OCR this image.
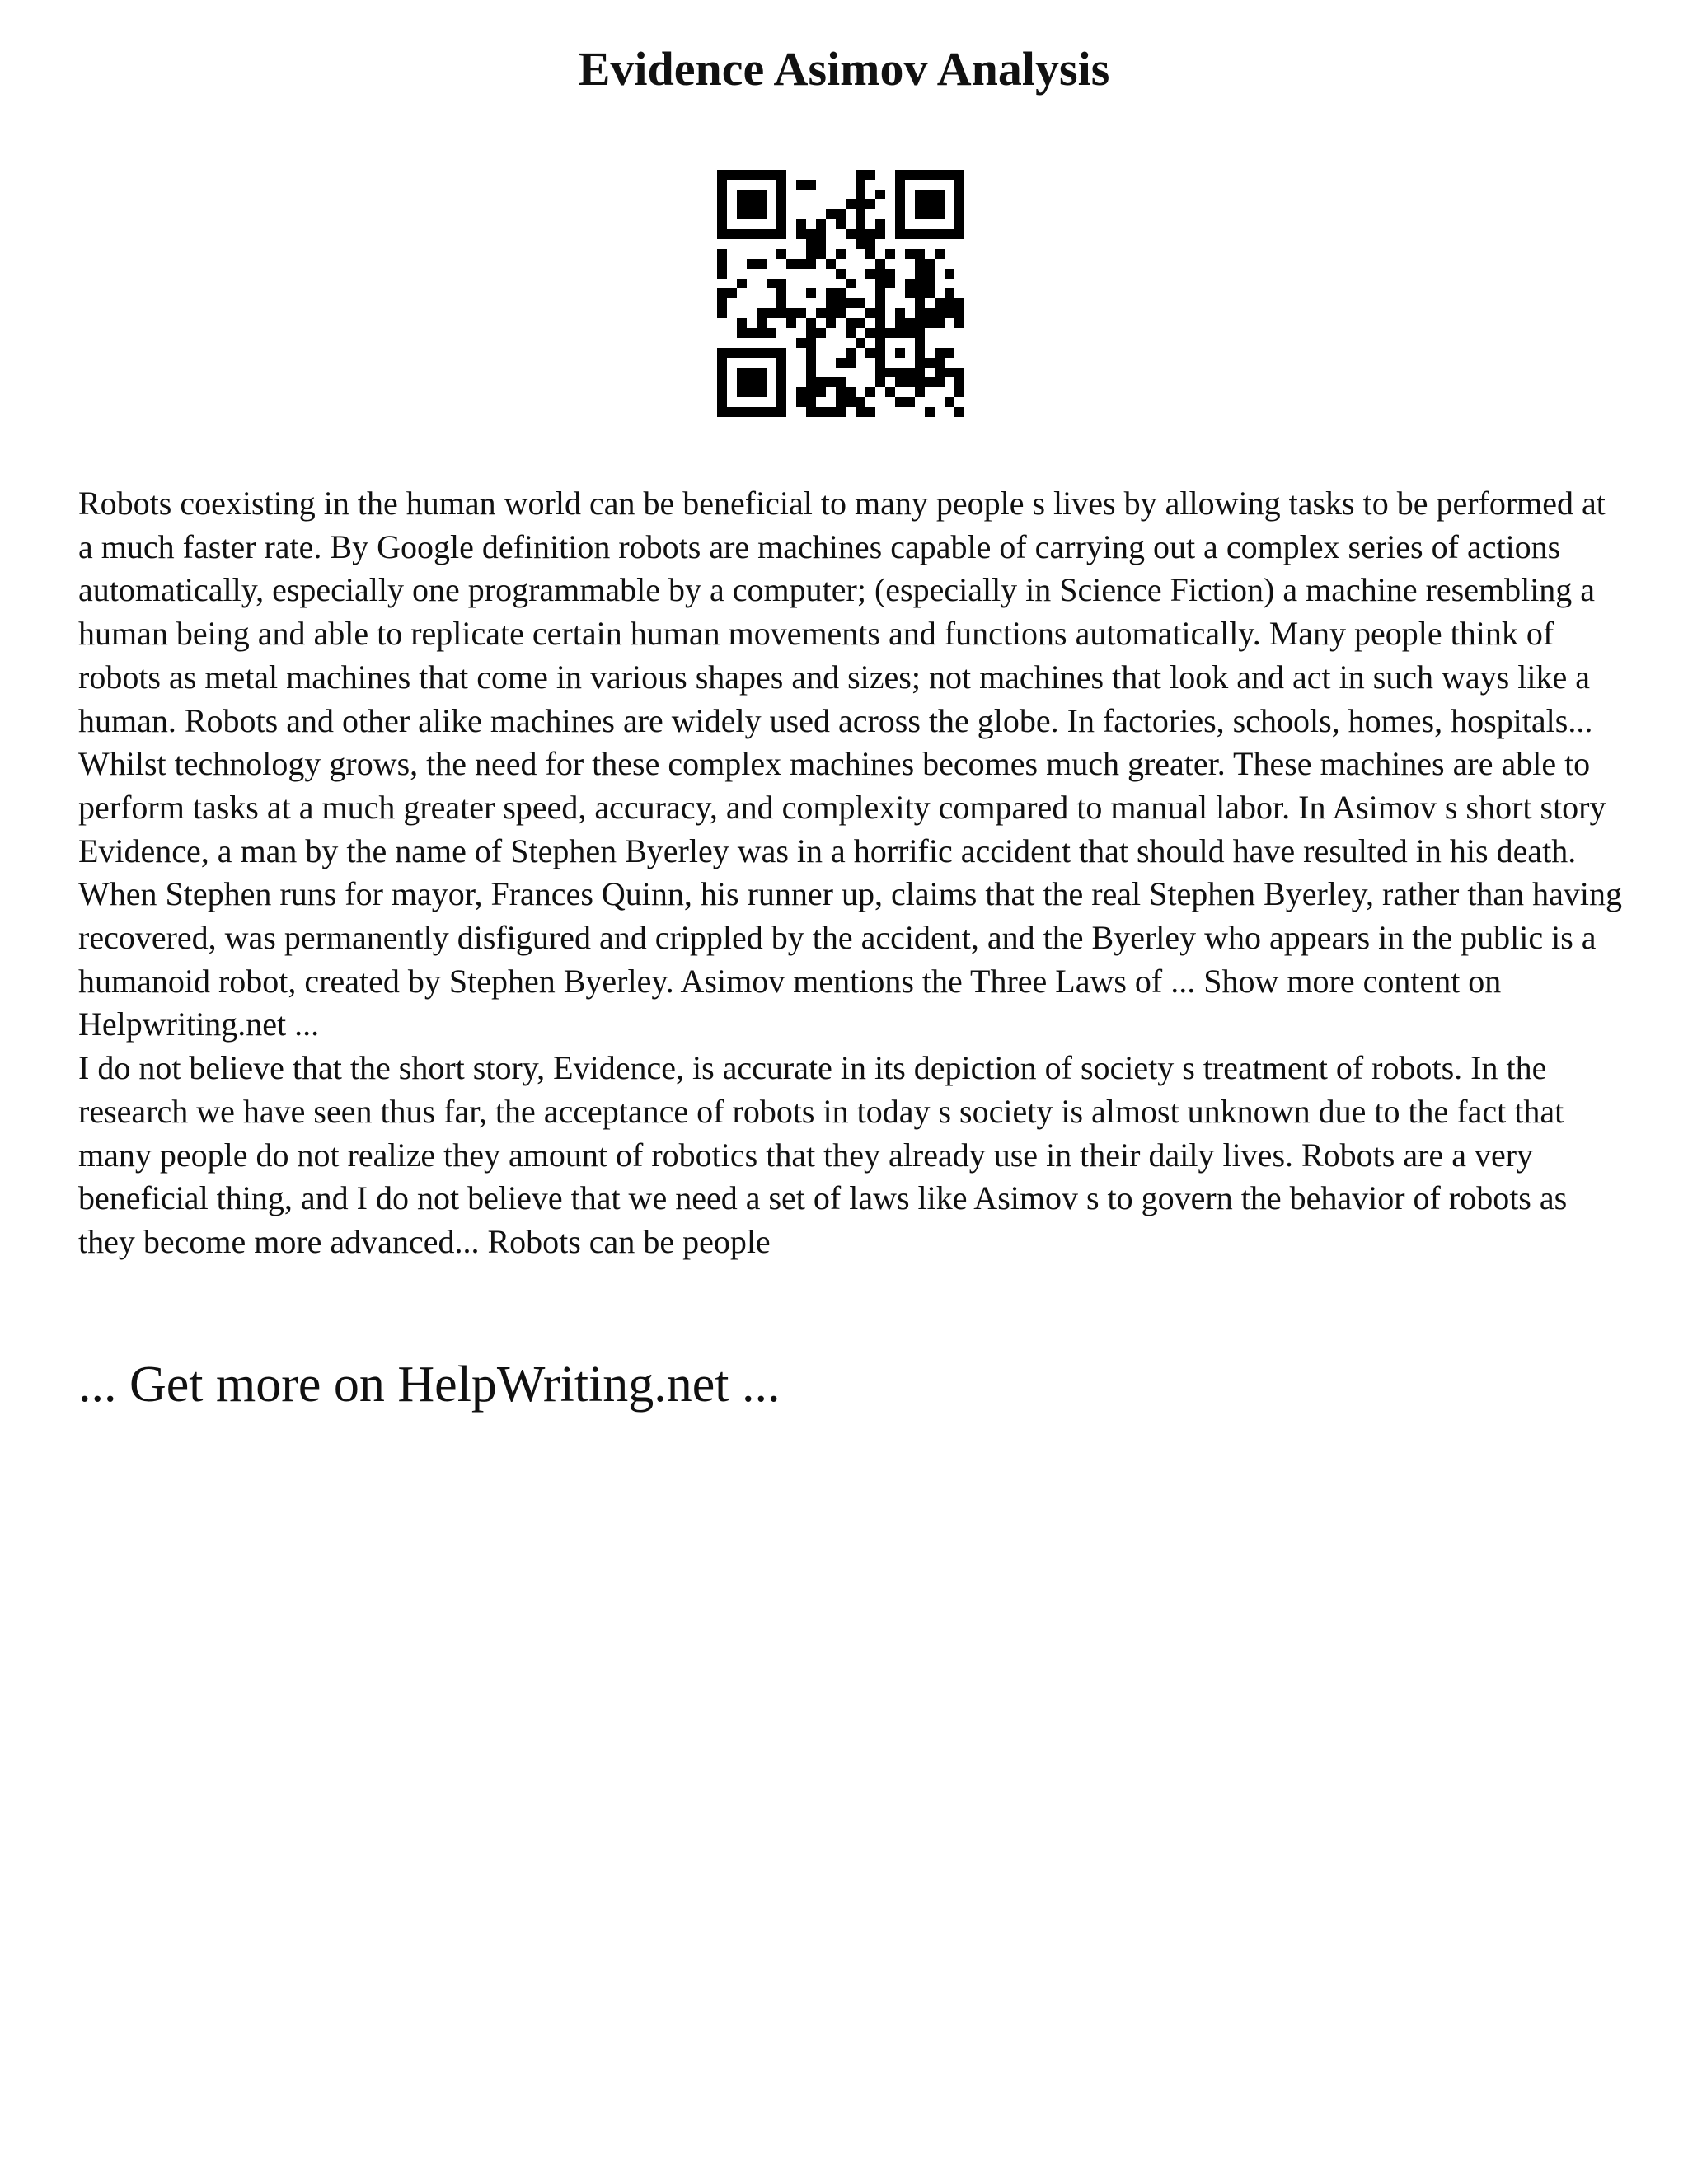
Evidence Asimov Analysis

Robots coexisting in the human world can be beneficial to many people s lives by allowing tasks to be performed at a much faster rate. By Google definition robots are machines capable of carrying out a complex series of actions automatically, especially one programmable by a computer; (especially in Science Fiction) a machine resembling a human being and able to replicate certain human movements and functions automatically. Many people think of robots as metal machines that come in various shapes and sizes; not machines that look and act in such ways like a human. Robots and other alike machines are widely used across the globe. In factories, schools, homes, hospitals... Whilst technology grows, the need for these complex machines becomes much greater. These machines are able to perform tasks at a much greater speed, accuracy, and complexity compared to manual labor. In Asimov s short story Evidence, a man by the name of Stephen Byerley was in a horrific accident that should have resulted in his death. When Stephen runs for mayor, Frances Quinn, his runner up, claims that the real Stephen Byerley, rather than having recovered, was permanently disfigured and crippled by the accident, and the Byerley who appears in the public is a humanoid robot, created by Stephen Byerley. Asimov mentions the Three Laws of ... Show more content on Helpwriting.net ...
I do not believe that the short story, Evidence, is accurate in its depiction of society s treatment of robots. In the research we have seen thus far, the acceptance of robots in today s society is almost unknown due to the fact that many people do not realize they amount of robotics that they already use in their daily lives. Robots are a very beneficial thing, and I do not believe that we need a set of laws like Asimov s to govern the behavior of robots as they become more advanced... Robots can be people

... Get more on HelpWriting.net ...
